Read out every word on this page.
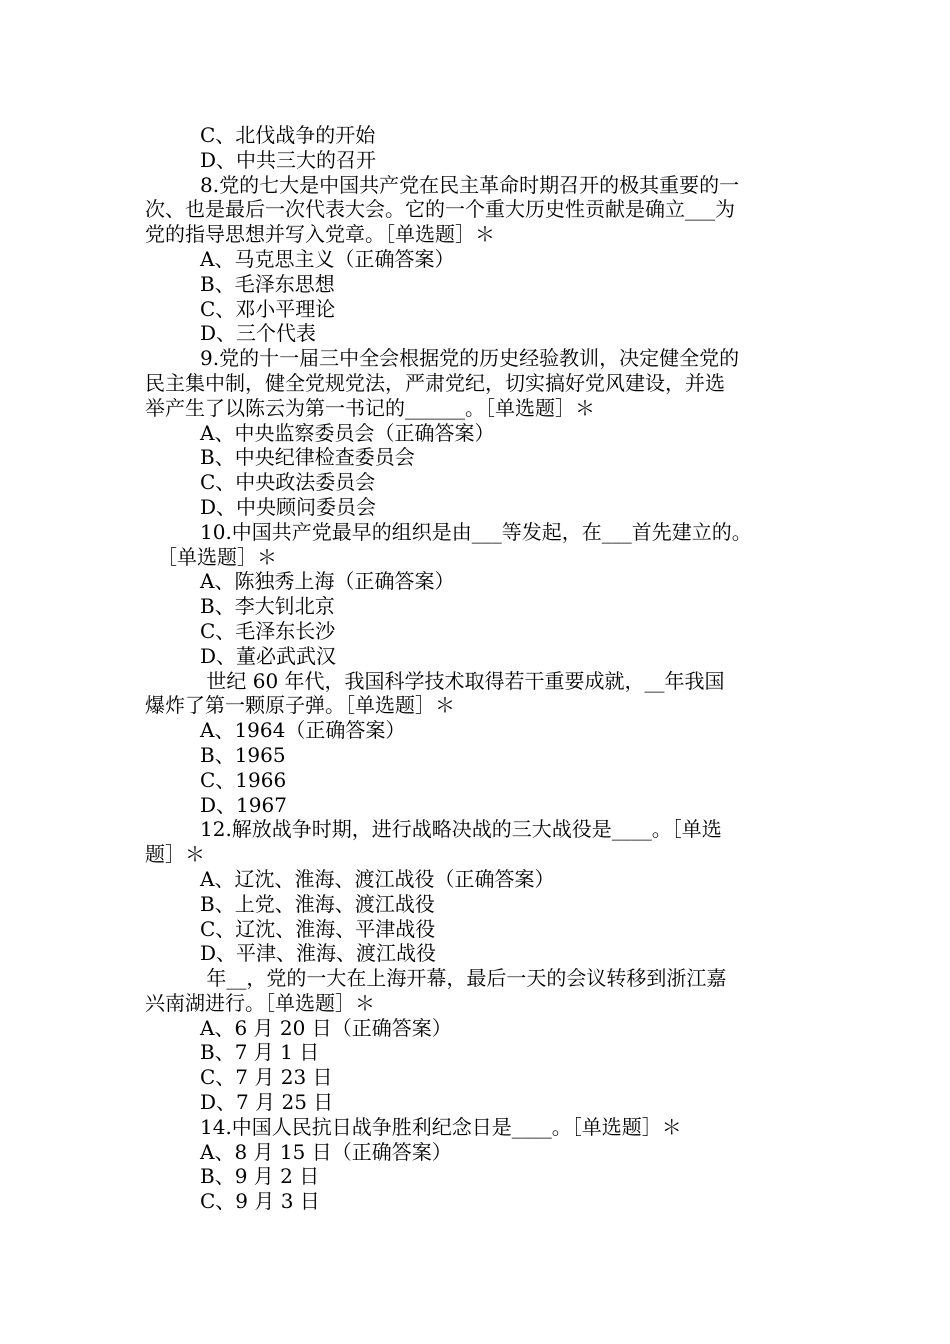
C、北伐战争的开始
D、中共三大的召开
8.党的七大是中国共产党在民主革命时期召开的极其重要的一
次、也是最后一次代表大会。它的一个重大历史性贡献是确立___为
党的指导思想并写入党章。［单选题］＊
A、马克思主义（正确答案）
B、毛泽东思想
C、邓小平理论
D、三个代表
9.党的十一届三中全会根据党的历史经验教训，决定健全党的
民主集中制，健全党规党法，严肃党纪，切实搞好党风建设，并选
举产生了以陈云为第一书记的______。［单选题］＊
A、中央监察委员会（正确答案）
B、中央纪律检查委员会
C、中央政法委员会
D、中央顾问委员会
10.中国共产党最早的组织是由___等发起，在___首先建立的。
［单选题］＊
A、陈独秀上海（正确答案）
B、李大钊北京
C、毛泽东长沙
D、董必武武汉
世纪 60 年代，我国科学技术取得若干重要成就，__年我国
爆炸了第一颗原子弹。［单选题］＊
A、1964（正确答案）
B、1965
C、1966
D、1967
12.解放战争时期，进行战略决战的三大战役是____。［单选
题］＊
A、辽沈、淮海、渡江战役（正确答案）
B、上党、淮海、渡江战役
C、辽沈、淮海、平津战役
D、平津、淮海、渡江战役
年__，党的一大在上海开幕，最后一天的会议转移到浙江嘉
兴南湖进行。［单选题］＊
A、6 月 20 日（正确答案）
B、7 月 1 日
C、7 月 23 日
D、7 月 25 日
14.中国人民抗日战争胜利纪念日是____。［单选题］＊
A、8 月 15 日（正确答案）
B、9 月 2 日
C、9 月 3 日
